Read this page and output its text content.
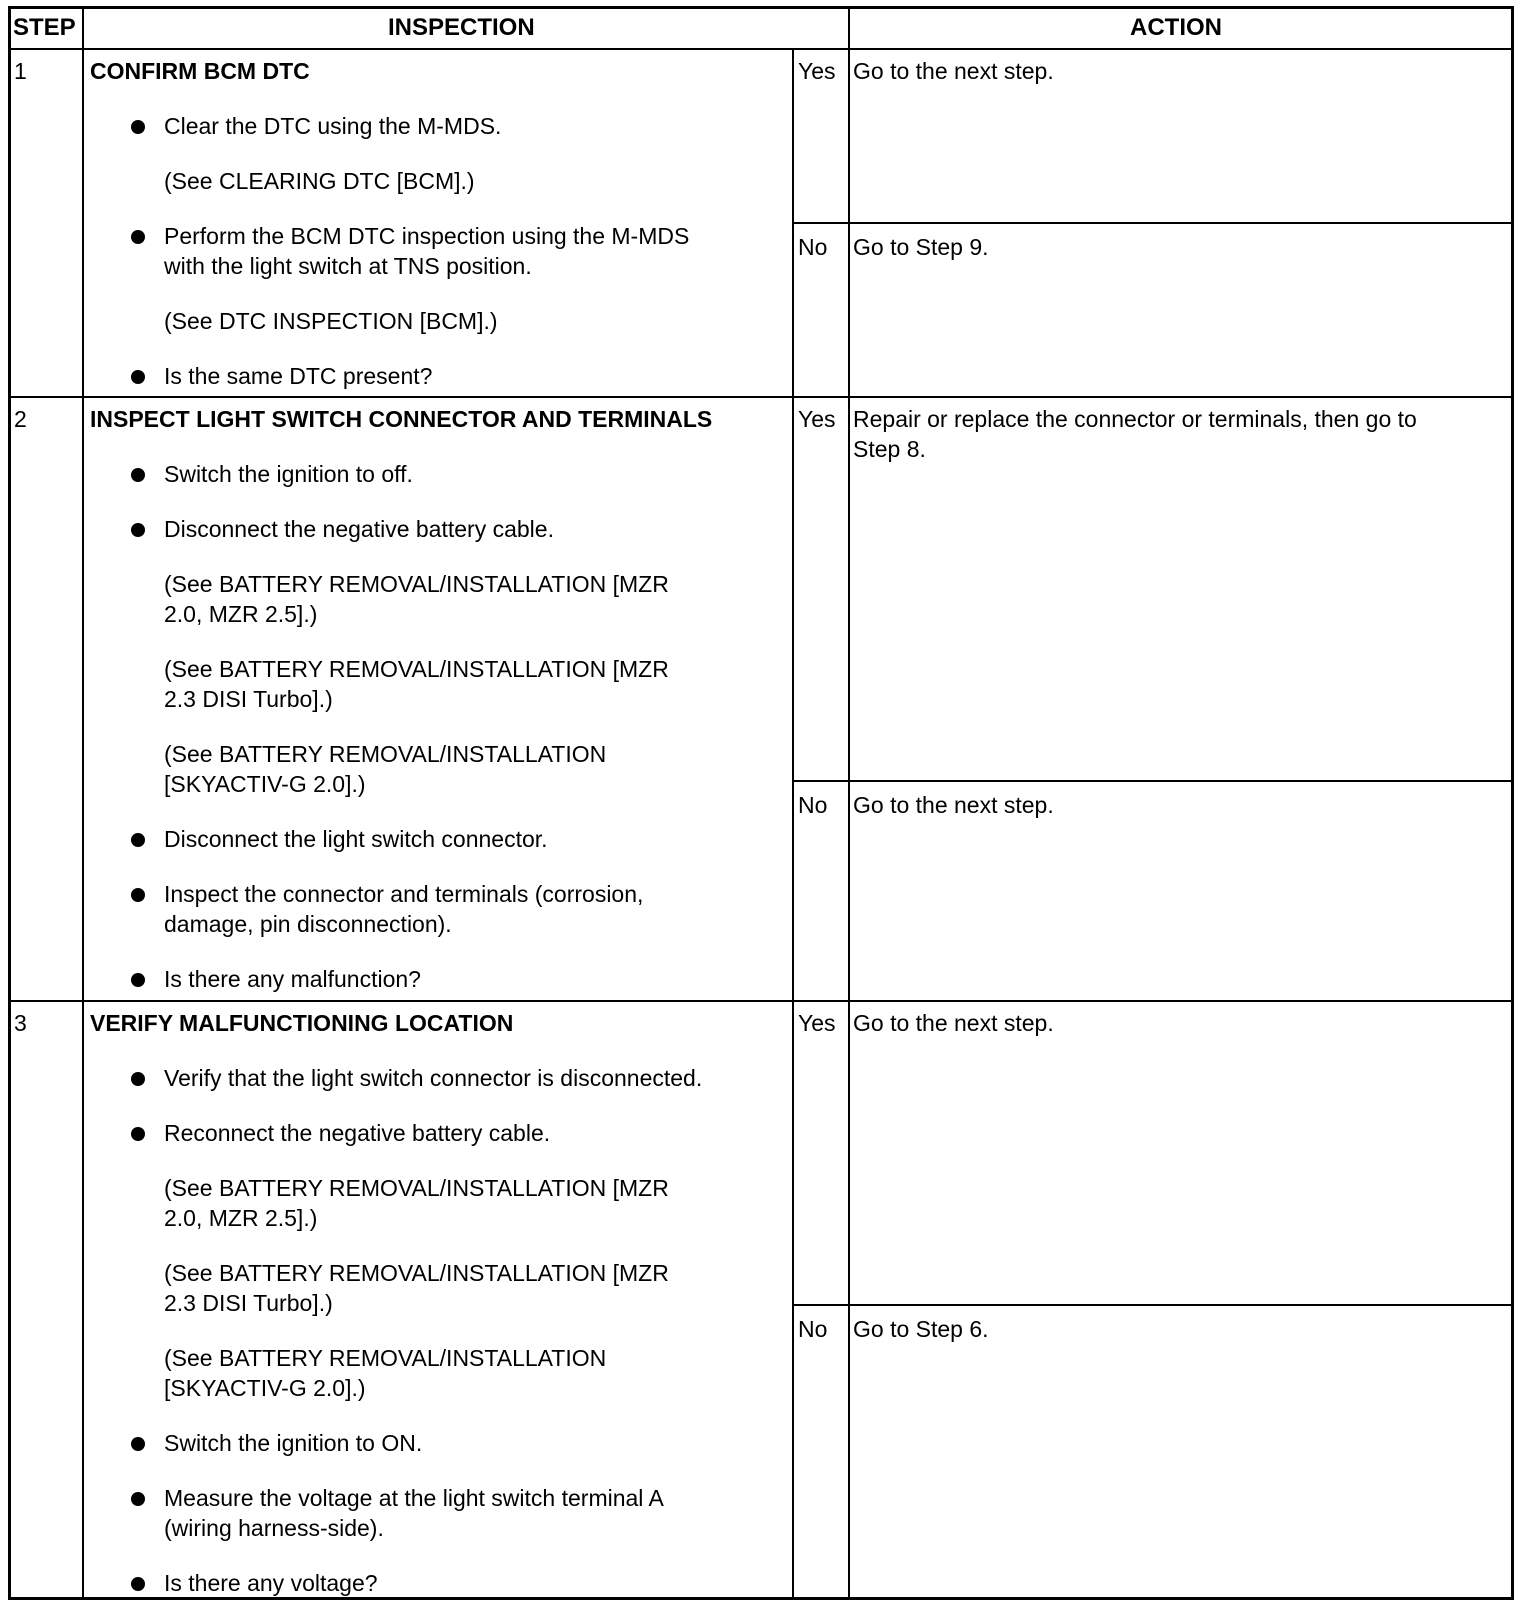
STEP	INSPECTION	ACTION
1	CONFIRM BCM DTC
Clear the DTC using the M-MDS.
(See CLEARING DTC [BCM].)
Perform the BCM DTC inspection using the M-MDS
with the light switch at TNS position.
(See DTC INSPECTION [BCM].)
Is the same DTC present?
Yes Go to the next step.
No Go to Step 9.
2	INSPECT LIGHT SWITCH CONNECTOR AND TERMINALS
Switch the ignition to off.
Disconnect the negative battery cable.
(See BATTERY REMOVAL/INSTALLATION [MZR
2.0, MZR 2.5].)
(See BATTERY REMOVAL/INSTALLATION [MZR
2.3 DISI Turbo].)
(See BATTERY REMOVAL/INSTALLATION
[SKYACTIV-G 2.0].)
Disconnect the light switch connector.
Inspect the connector and terminals (corrosion,
damage, pin disconnection).
Is there any malfunction?
Yes Repair or replace the connector or terminals, then go to
Step 8.
No Go to the next step.
3	VERIFY MALFUNCTIONING LOCATION
Verify that the light switch connector is disconnected.
Reconnect the negative battery cable.
(See BATTERY REMOVAL/INSTALLATION [MZR
2.0, MZR 2.5].)
(See BATTERY REMOVAL/INSTALLATION [MZR
2.3 DISI Turbo].)
(See BATTERY REMOVAL/INSTALLATION
[SKYACTIV-G 2.0].)
Switch the ignition to ON.
Measure the voltage at the light switch terminal A
(wiring harness-side).
Is there any voltage?
Yes Go to the next step.
No Go to Step 6.
